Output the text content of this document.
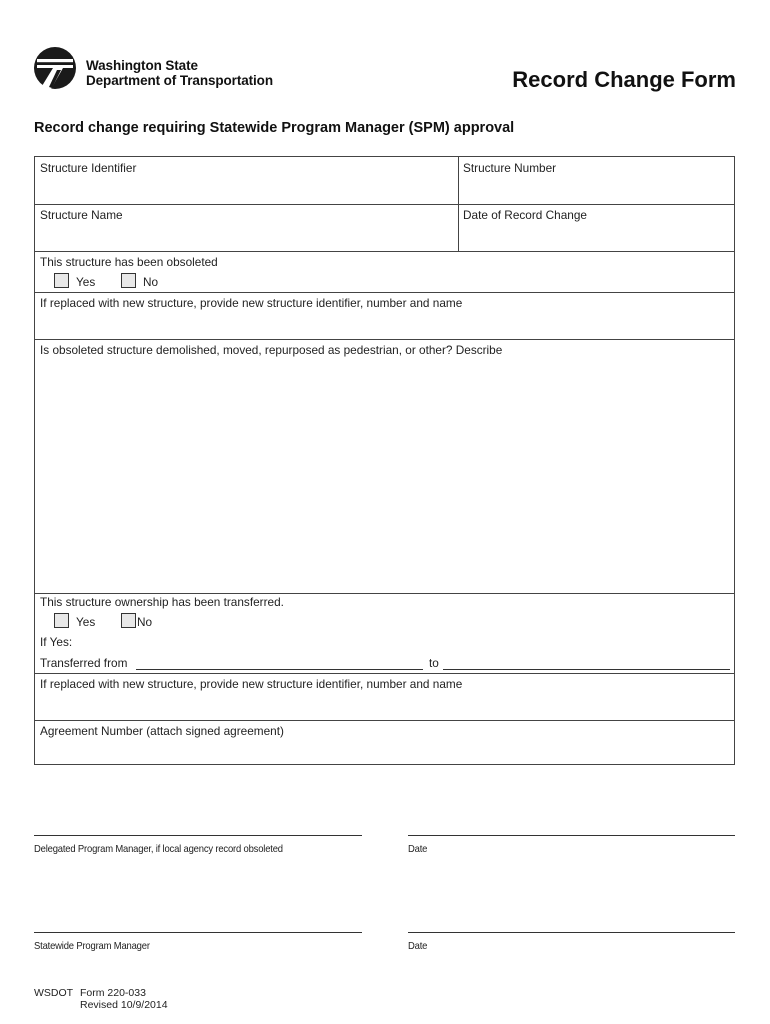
Washington State
Department of Transportation	Record Change Form
Record change requiring Statewide Program Manager (SPM) approval
Structure Identifier	Structure Number
Structure Name	Date of Record Change
This structure has been obsoleted
Yes	No
If replaced with new structure, provide new structure identifier, number and name
Is obsoleted structure demolished, moved, repurposed as pedestrian, or other? Describe
This structure ownership has been transferred.
Yes	No
If Yes:
Transferred from	to
If replaced with new structure, provide new structure identifier, number and name
Agreement Number (attach signed agreement)
Delegated Program Manager, if local agency record obsoleted	Date
Statewide Program Manager	Date
WSDOT Form 220-033
Revised 10/9/2014
